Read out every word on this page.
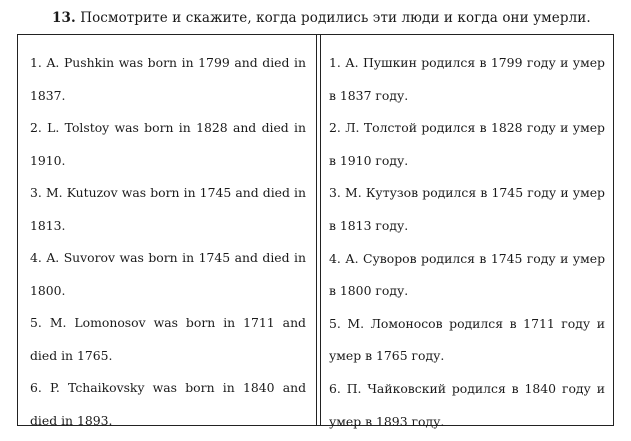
13. Посмотрите и скажите, когда родились эти люди и когда они умерли.

1. A. Pushkin was born in 1799 and died in 1837.

2. L. Tolstoy was born in 1828 and died in 1910.

3. M. Kutuzov was born in 1745 and died in 1813.

4. A. Suvorov was born in 1745 and died in 1800.

5. M. Lomonosov was born in 1711 and died in 1765.

6. P. Tchaikovsky was born in 1840 and died in 1893.

1. А. Пушкин родился в 1799 году и умер в 1837 году.

2. Л. Толстой родился в 1828 году и умер в 1910 году.

3. М. Кутузов родился в 1745 году и умер в 1813 году.

4. А. Суворов родился в 1745 году и умер в 1800 году.

5. М. Ломоносов родился в 1711 году и умер в 1765 году.

6. П. Чайковский родился в 1840 году и умер в 1893 году.
